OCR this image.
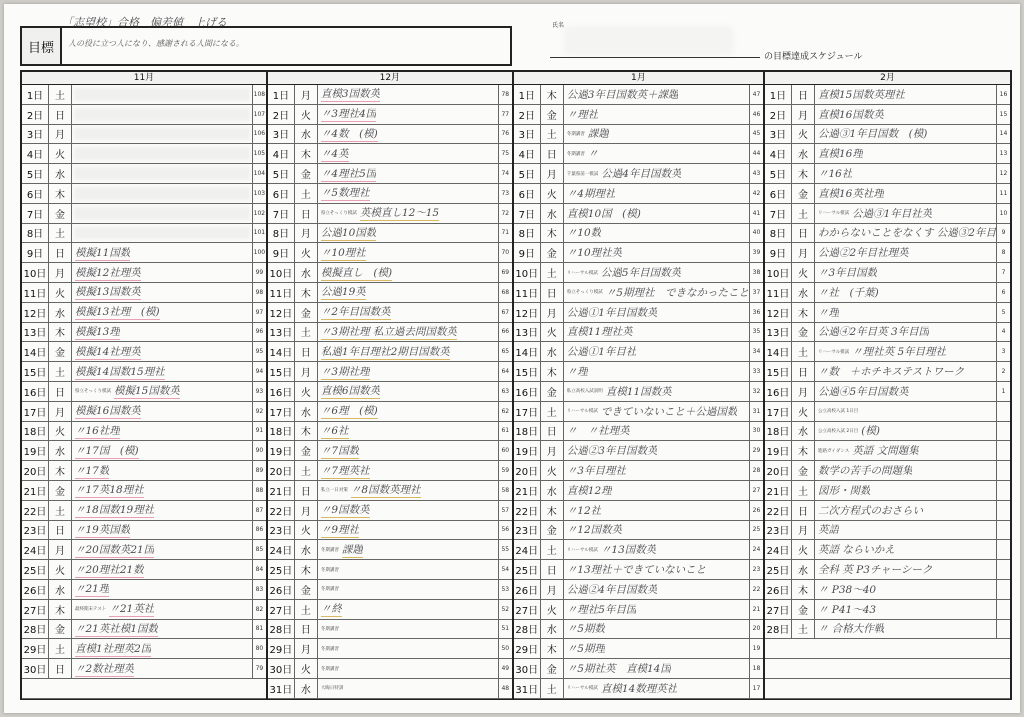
「志望校」合格　偏差値　上げる
目標	人の役に立つ人になり、感謝される人間になる。
氏名
の目標達成スケジュール
11月
1日	土	108
2日	日	107
3日	月	106
4日	火	105
5日	水	104
6日	木	103
7日	金	102
8日	土	101
9日	日 模擬11国数	100
10日 月 模擬12社理英	99
11日 火 模擬13国数英	98
12日 水 模擬13社理　(模)	97
13日 木 模擬13理	96
14日 金 模擬14社理英	95
15日 土 模擬14国数15理社	94
16日 日	県立そっくり模試 模擬15国数英	93
17日 月 模擬16国数英	92
18日 火 〃16社理	91
19日 水 〃17国　(模)	90
20日 木 〃17数	89
21日 金 〃17英18理社	88
22日 土 〃18国数19理社	87
23日 日 〃19英国数	86
24日 月 〃20国数英21国	85
25日 火 〃20理社21数	84
26日 水 〃21理	83
27日 木	最終期末テスト 〃21英社	82
28日 金 〃21英社模1国数	81
29日 土 直模1社理英2国	80
30日 日 〃2数社理英	79
12月
1日	月 直模3国数英	78
2日	火 〃3理社4国	77
3日	水 〃4数　(模)	76
4日	木 〃4英	75
5日	金 〃4理社5国	74
6日	土 〃5数理社	73
7日	日	県立そっくり模試 英模直し12〜15	72
8日	月 公過10国数	71
9日	火 〃10理社	70
10日 水 模擬直し　(模)	69
11日 木 公過19英	68
12日 金 〃2年目国数英	67
13日 土 〃3期社理 私立過去問国数英	66
14日 日 私過1年目理社2期目国数英	65
15日 月 〃3期社理	64
16日 火 直模6国数英	63
17日 水 〃6理　(模)	62
18日 木 〃6社	61
19日 金 〃7国数	60
20日 土 〃7理英社	59
21日 日	私立一日対策 〃8国数英理社	58
22日 月 〃9国数英	57
23日 火 〃9理社	56
24日 水	冬期講習 課題	55
25日 木	冬期講習	54
26日 金	冬期講習	53
27日 土 〃終	52
28日 日	冬期講習	51
29日 月	冬期講習	50
30日 火	冬期講習	49
31日 水	大晦日特訓	48
1月
1日	木 公過3年目国数英＋課題	47
2日	金 〃理社	46
3日	土	冬期講習 課題	45
4日	日	冬期講習 〃	44
5日	月	千葉県前一模試 公過4年目国数英	43
6日	火 〃4期理社	42
7日	水 直模10国　(模)	41
8日	木 〃10数	40
9日	金 〃10理社英	39
10日 土	リハーサル模試 公過5年目国数英	38
11日 日	県立そっくり模試 〃5期理社　できなかったこと 37
12日 月 公過①1年目国数英	36
13日 火 直模11理社英	35
14日 水 公過①1年目社	34
15日 木 〃理	33
16日 金	私立高校入試説明 直模11国数英	32
17日 土	リハーサル模試 できていないこと＋公過国数	31
18日 日 〃　〃社理英	30
19日 月 公過②3年目国数英	29
20日 火 〃3年目理社	28
21日 水 直模12理	27
22日 木 〃12社	26
23日 金 〃12国数英	25
24日 土	リハーサル模試 〃13国数英	24
25日 日 〃13理社＋できていないこと	23
26日 月 公過②4年目国数英	22
27日 火 〃理社5年目国	21
28日 水 〃5期数	20
29日 木 〃5期理	19
30日 金 〃5期社英　直模14国	18
31日 土	リハーサル模試 直模14数理英社	17
2月
1日	日 直模15国数英理社	16
2日	月 直模16国数英	15
3日	火 公過③1年目国数　(模)	14
4日	水 直模16理	13
5日	木 〃16社	12
6日	金 直模16英社理	11
7日	土	リハーサル模試 公過③1年目社英	10
8日	日 わからないことをなくす 公過③2年目 9
9日	月 公過②2年目社理英	8
10日 火 〃3年目国数	7
11日 水 〃社　(千葉)	6
12日 木 〃理	5
13日 金 公過④2年目英 3年目国	4
14日 土	リハーサル模試 〃理社英 5年目理社	3
15日 日 〃数　＋ホチキステストワーク	2
16日 月 公過④5年目国数英	1
17日 火	公立高校入試 1日目
18日 水	公立高校入試 2日目 (模)
19日 木	進路ガイダンス 英語 文問題集
20日 金 数学の苦手の問題集
21日 土 図形・関数
22日 日 二次方程式のおさらい
23日 月 英語
24日 火 英語 ならいかえ
25日 水 全科 英 P3チャーシーク
26日 木 〃 P38〜40
27日 金 〃 P41〜43
28日 土 〃 合格大作戦
